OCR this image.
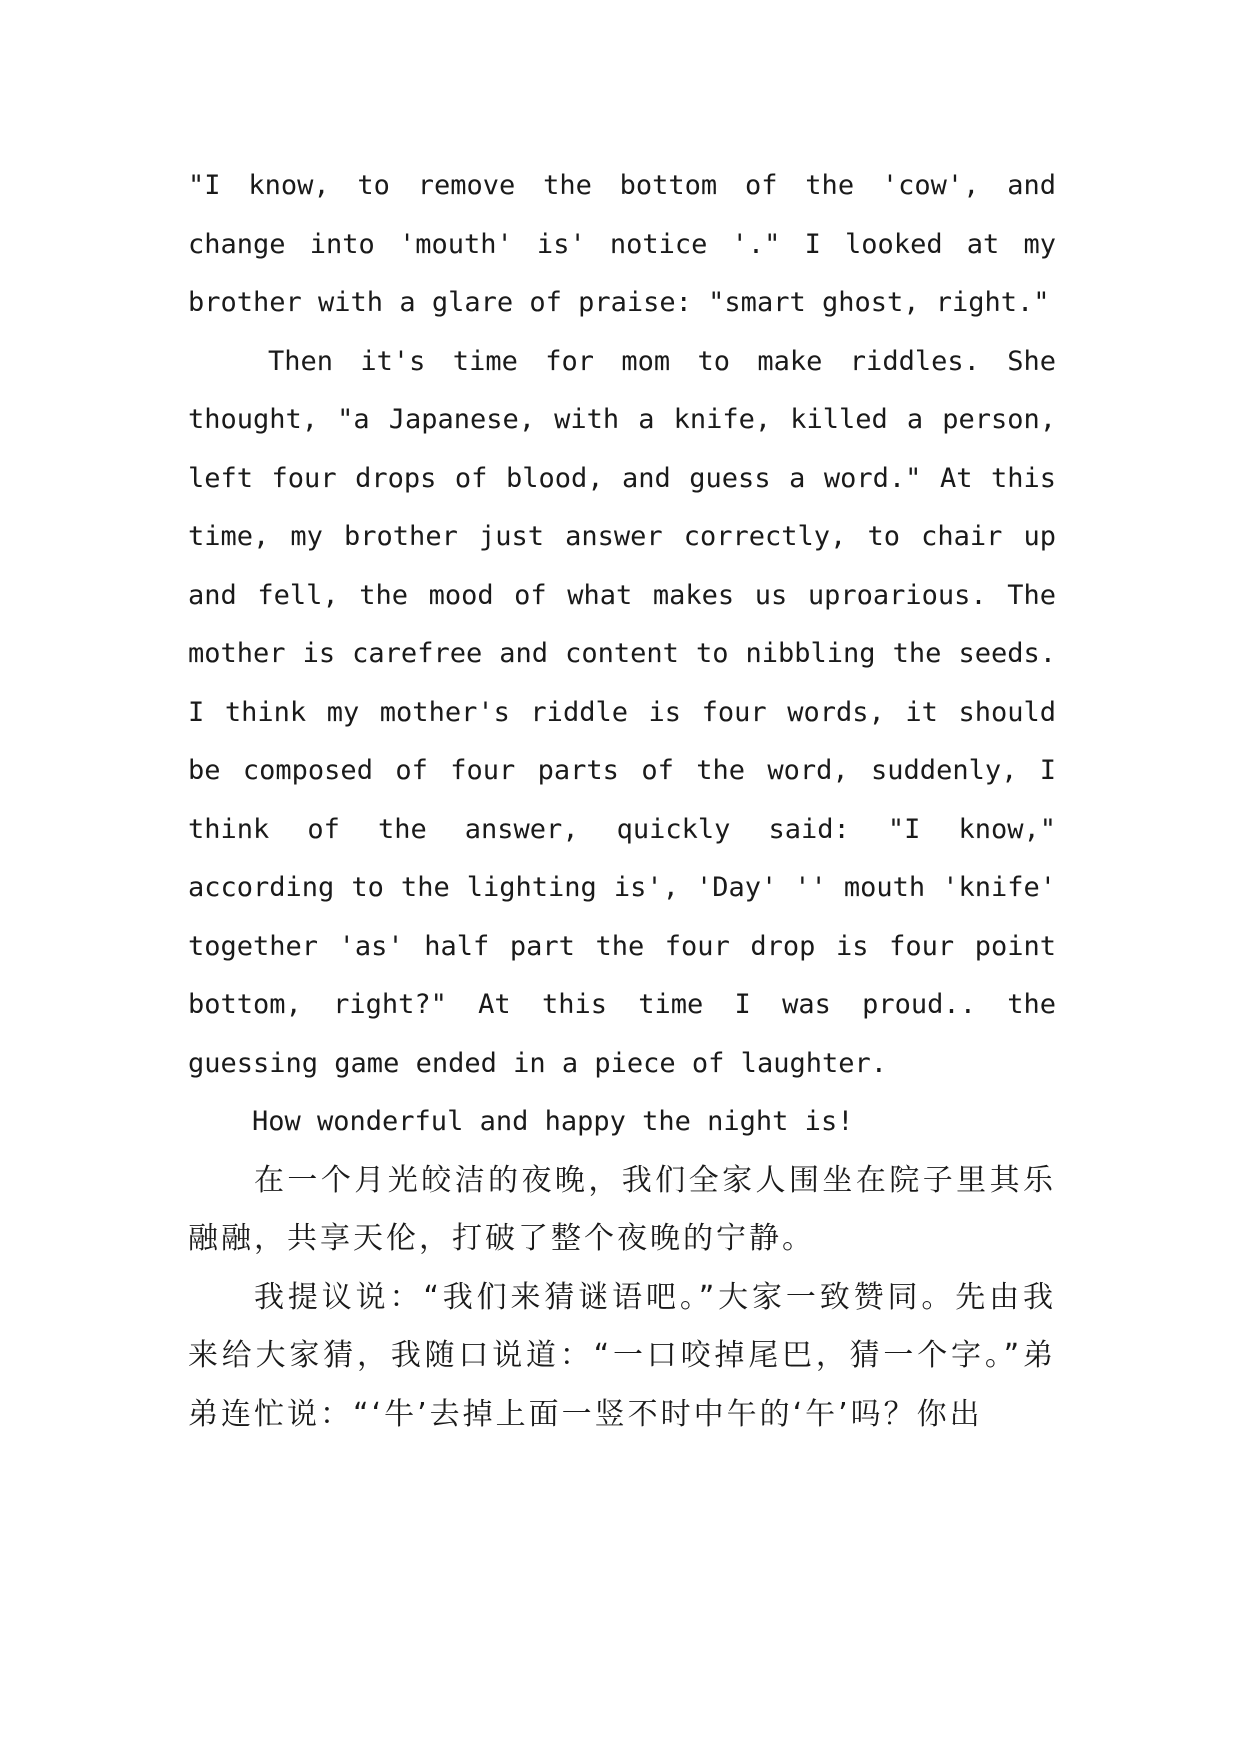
"I know, to remove the bottom of the 'cow', and change into 'mouth' is' notice '." I looked at my brother with a glare of praise: "smart ghost, right."

Then it's time for mom to make riddles. She thought, "a Japanese, with a knife, killed a person, left four drops of blood, and guess a word." At this time, my brother just answer correctly, to chair up and fell, the mood of what makes us uproarious. The mother is carefree and content to nibbling the seeds. I think my mother's riddle is four words, it should be composed of four parts of the word, suddenly, I think of the answer, quickly said: "I know," according to the lighting is', 'Day' '' mouth 'knife' together 'as' half part the four drop is four point bottom, right?" At this time I was proud.. the guessing game ended in a piece of laughter.

How wonderful and happy the night is!

在一个月光皎洁的夜晚，我们全家人围坐在院子里其乐融融，共享天伦，打破了整个夜晚的宁静。

我提议说：“我们来猜谜语吧。”大家一致赞同。先由我来给大家猜，我随口说道：“一口咬掉尾巴，猜一个字。”弟弟连忙说：“‘牛’去掉上面一竖不时中午的‘午’吗？你出
